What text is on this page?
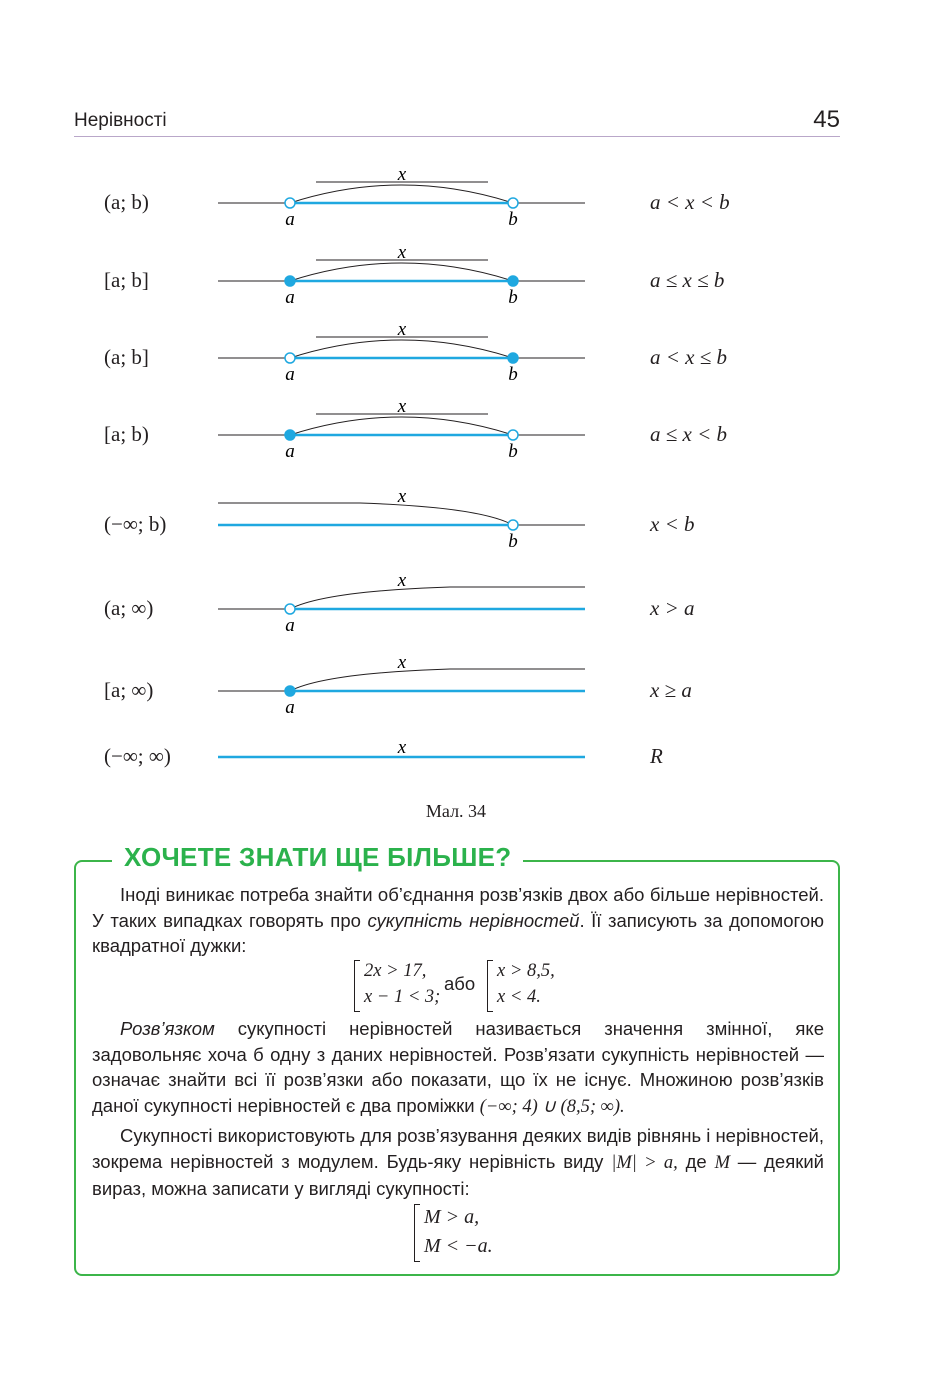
Нерівності	45
(a; b)	a < x < b
x
a	b
[a; b]	a ≤ x ≤ b
x
a	b
(a; b]	a < x ≤ b
x
a	b
[a; b)	a ≤ x < b
x
a	b
(−∞; b)	x < b
x
b
(a; ∞)	x > a
x
a
[a; ∞)	x ≥ a
x
a
(−∞; ∞)	R
x
Мал. 34
ХОЧЕТЕ ЗНАТИ ЩЕ БІЛЬШЕ?
Іноді виникає потреба знайти об’єднання розв’язків двох або більше нерівностей. У таких випадках говорять про сукупність нерівностей. Її записують за допомогою квадратної дужки:
2x > 17,
x − 1 < 3;
або
x > 8,5,
x < 4.
Розв’язком сукупності нерівностей називається значення змінної, яке задовольняє хоча б одну з даних нерівностей. Розв’язати сукупність нерівностей — означає знайти всі її розв’язки або показати, що їх не існує. Множиною розв’язків даної сукупності нерівностей є два проміжки (−∞; 4) ∪ (8,5; ∞).
Сукупності використовують для розв’язування деяких видів рівнянь і нерівностей, зокрема нерівностей з модулем. Будь-яку нерівність виду |M| > a, де M — деякий вираз, можна записати у вигляді сукупності:
M > a,
M < −a.
